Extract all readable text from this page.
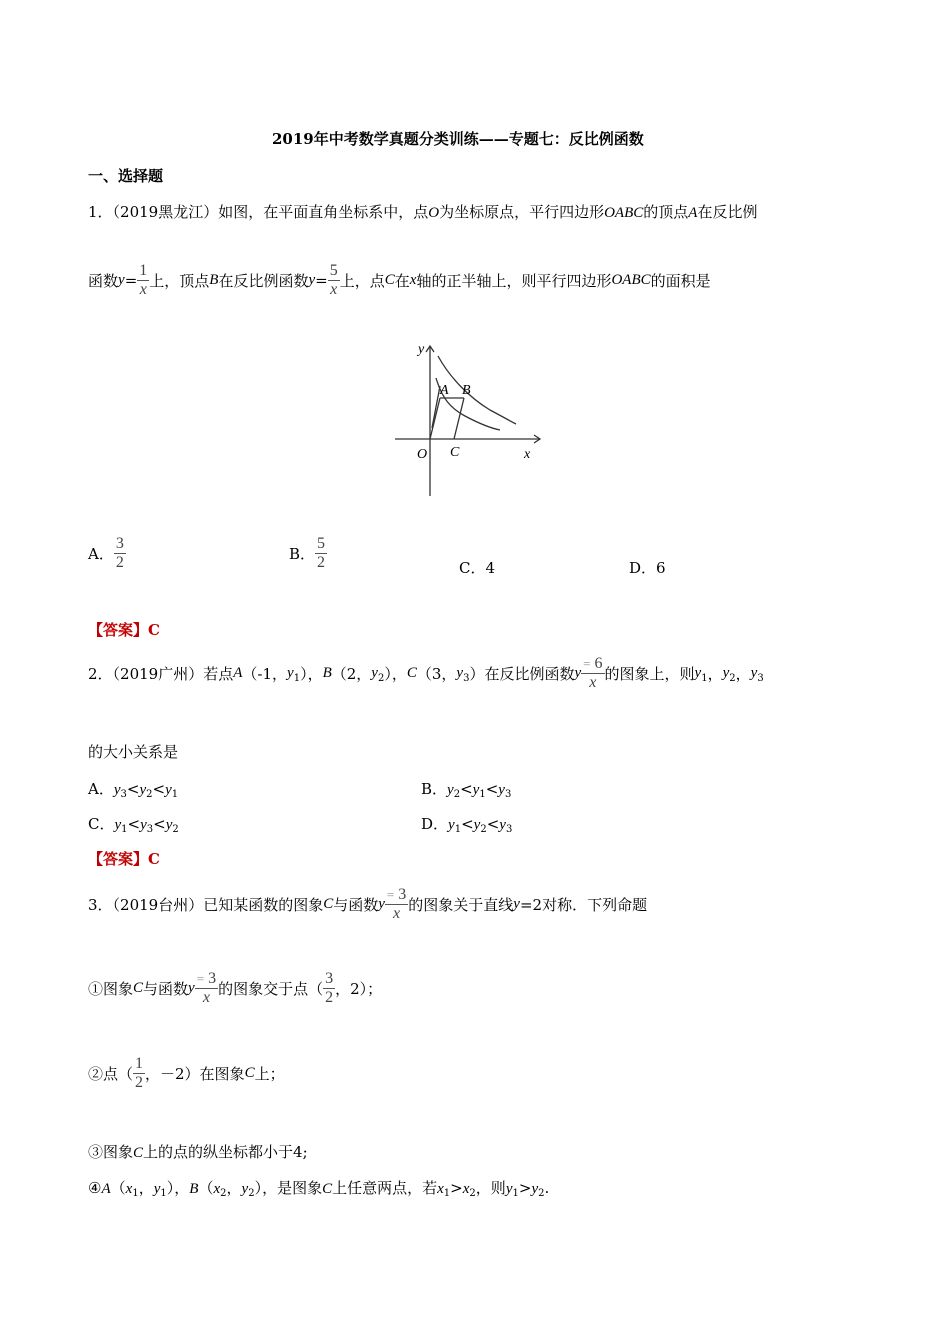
2019年中考数学真题分类训练——专题七：反比例函数
一、选择题
1．（2019黑龙江）如图，在平面直角坐标系中，点O为坐标原点，平行四边形OABC的顶点A在反比例
函数$y= \frac{1}{x}$ 上，顶点B在反比例函数$y= \frac{5}{x}$ 上，点C在x轴的正半轴上，则平行四边形OABC的面积是
y
x
O
A B
C
A． $\frac{3}{2}$	B． $\frac{5}{2}$	C．4	D．6
【答案】C
2．（2019广州）若点A（-1，$y_1$），B（2，$y_2$），C（3，$y_3$）在反比例函数y $\frac{= 6}{x}$ 的图象上，则$y_1$，$y_2$，$y_3$
的大小关系是
A．$y_3<y_2<y_1$	B．$y_2<y_1<y_3$
C．$y_1<y_3<y_2$	D．$y_1<y_2<y_3$
【答案】C
3．（2019台州）已知某函数的图象C与函数y $\frac{= 3}{x}$ 的图象关于直线y=2对称．下列命题
①图象C与函数y $\frac{= 3}{x}$ 的图象交于点（ $\frac{3}{2}$ ，2）；
②点（ $\frac{1}{2}$ ，－2）在图象C上；
③图象C上的点的纵坐标都小于4;
$④A(x_1$，$y_1$），$B(x_2$，$y_2$），是图象C上任意两点，若$x_1>x_2$，则$y_1>y_2$.
